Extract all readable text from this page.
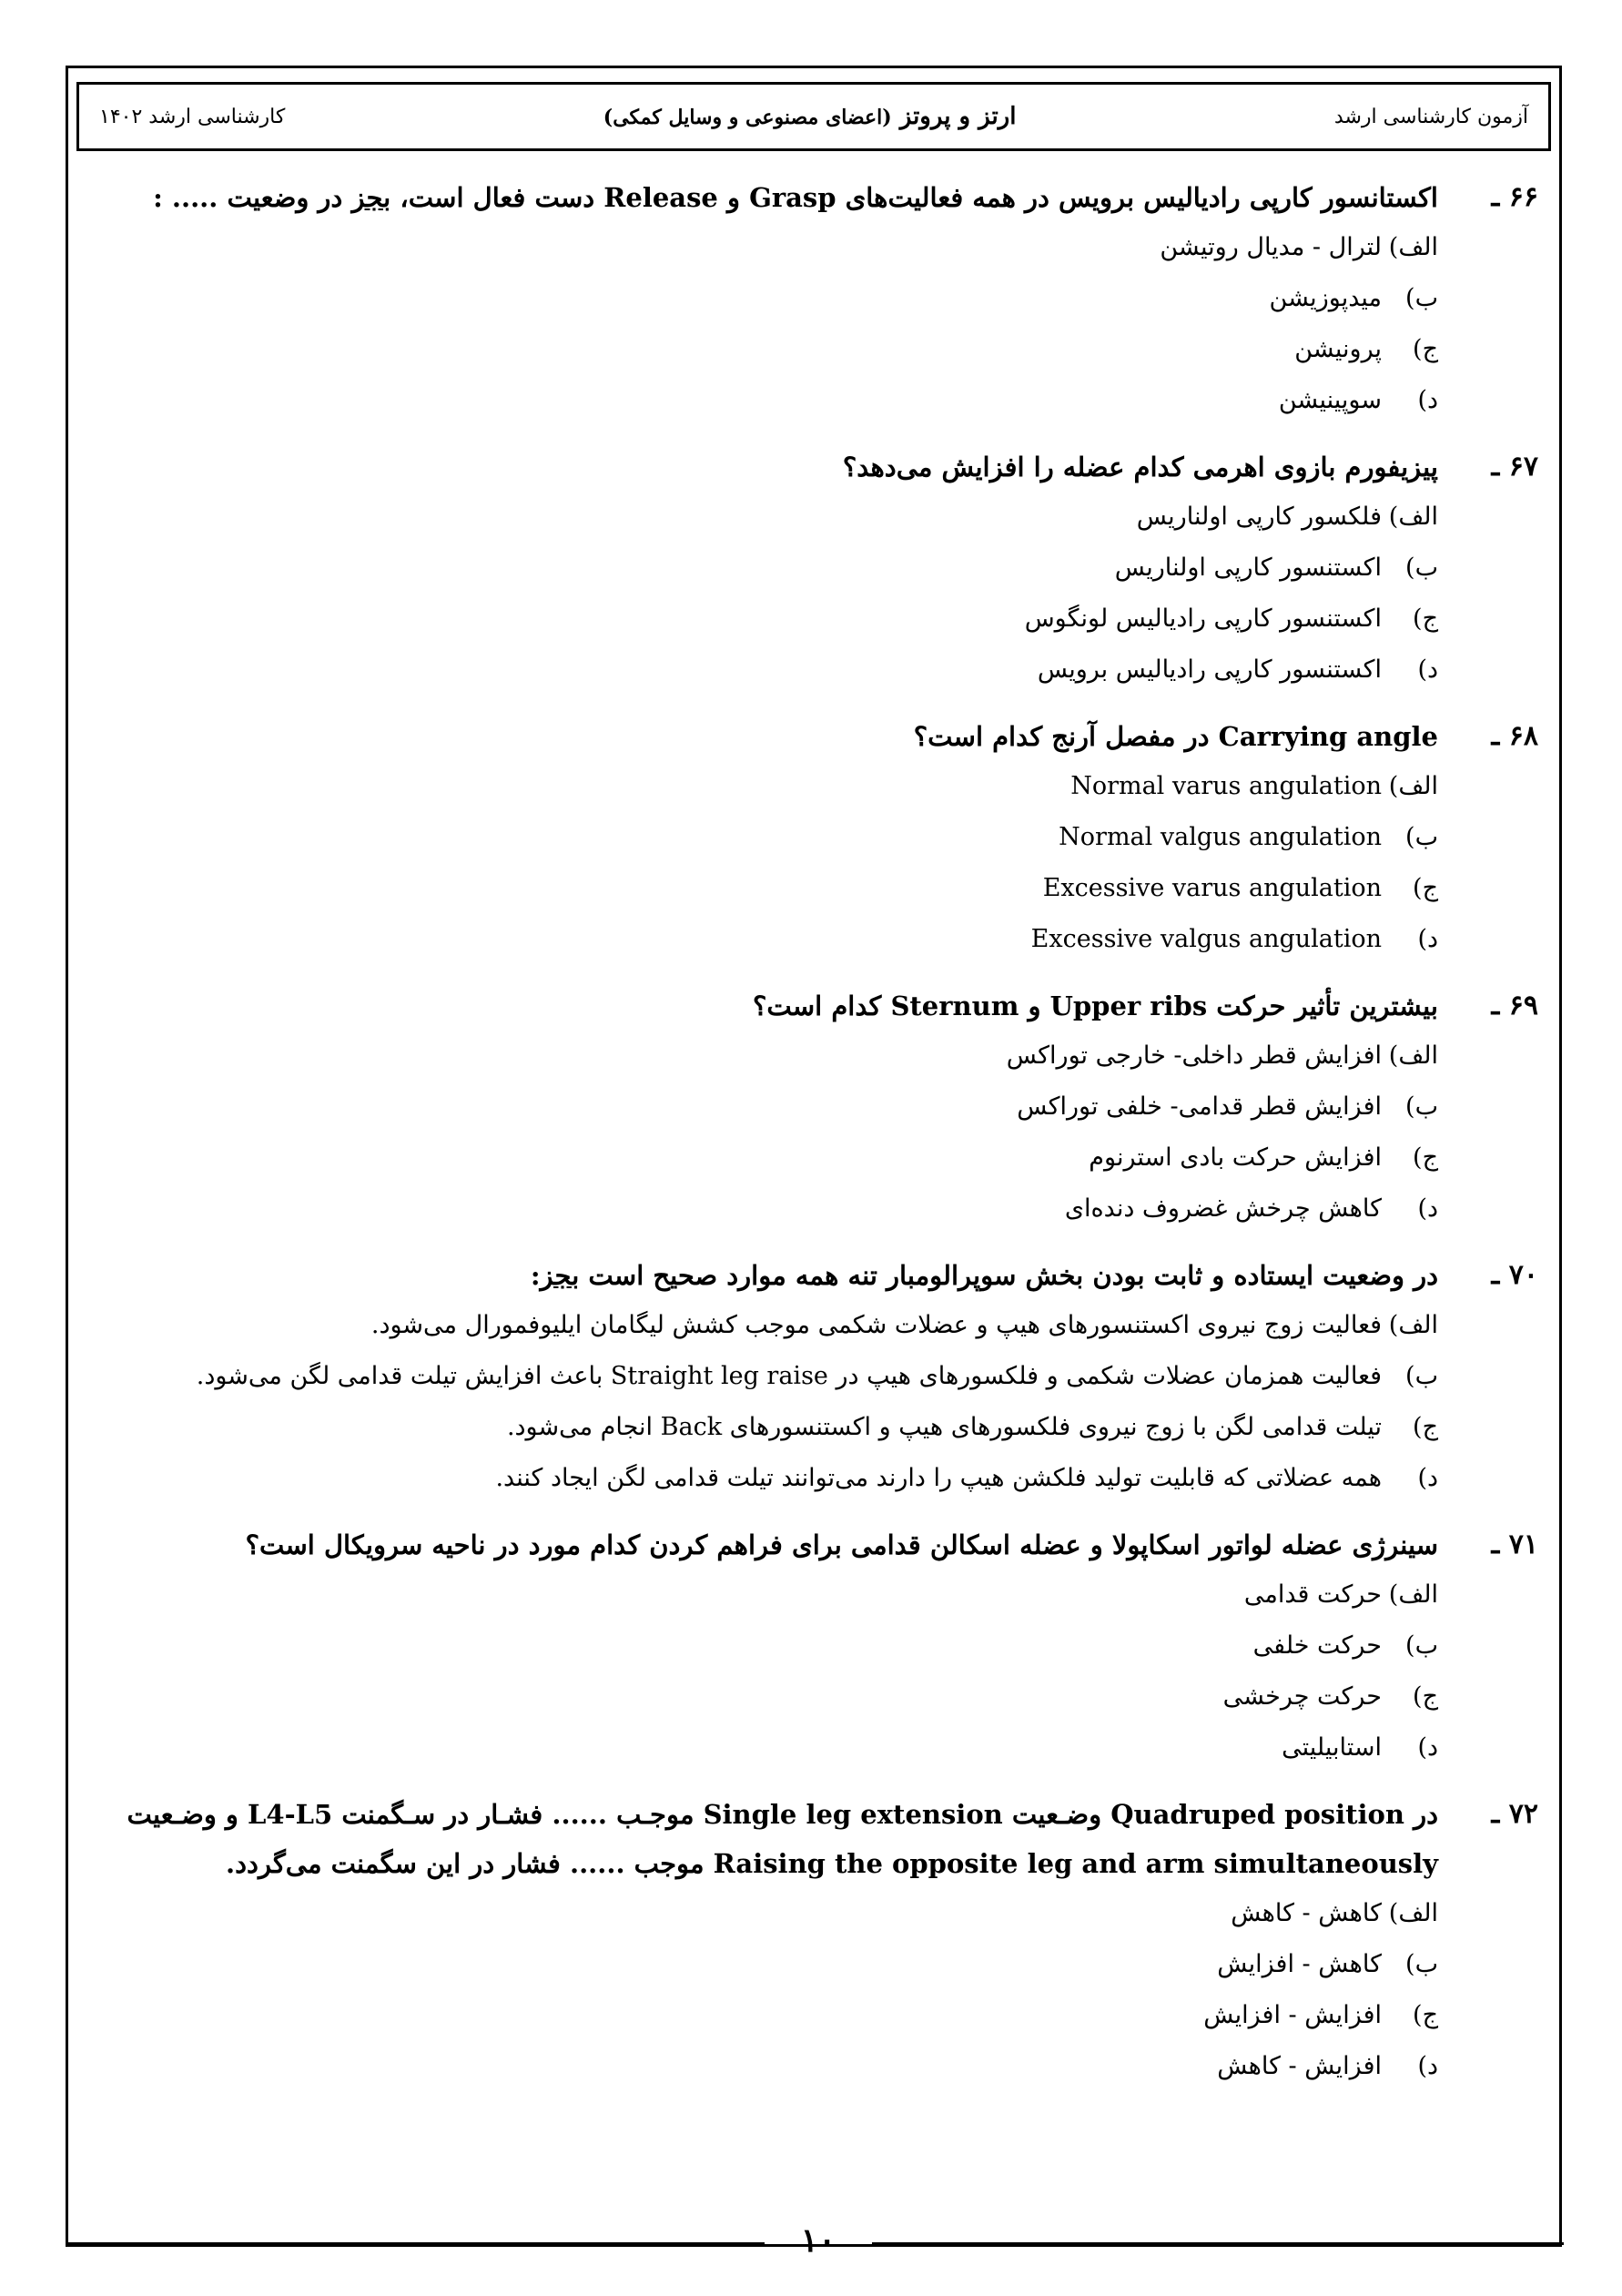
آزمون کارشناسی ارشد
ارتز و پروتز (اعضای مصنوعی و وسایل کمکی)
کارشناسی ارشد ۱۴۰۲
۶۶ ـ
اکستانسور کارپی رادیالیس برویس در همه فعالیت‌های Grasp و Release دست فعال است، بجز در وضعیت ..... :
الف)
لترال - مدیال روتیشن
ب)
میدپوزیشن
ج)
پرونیشن
د)
سوپینیشن
۶۷ ـ
پیزیفورم بازوی اهرمی کدام عضله را افزایش می‌دهد؟
الف)
فلکسور کارپی اولناریس
ب)
اکستنسور کارپی اولناریس
ج)
اکستنسور کارپی رادیالیس لونگوس
د)
اکستنسور کارپی رادیالیس برویس
۶۸ ـ
Carrying angle در مفصل آرنج کدام است؟
الف)
Normal varus angulation
ب)
Normal valgus angulation
ج)
Excessive varus angulation
د)
Excessive valgus angulation
۶۹ ـ
بیشترین تأثیر حرکت Upper ribs و Sternum کدام است؟
الف)
افزایش قطر داخلی- خارجی توراکس
ب)
افزایش قطر قدامی- خلفی توراکس
ج)
افزایش حرکت بادی استرنوم
د)
کاهش چرخش غضروف دنده‌ای
۷۰ ـ
در وضعیت ایستاده و ثابت بودن بخش سوپرالومبار تنه همه موارد صحیح است بجز:
الف)
فعالیت زوج نیروی اکستنسورهای هیپ و عضلات شکمی موجب کشش لیگامان ایلیوفمورال می‌شود.
ب)
فعالیت همزمان عضلات شکمی و فلکسورهای هیپ در Straight leg raise باعث افزایش تیلت قدامی لگن می‌شود.
ج)
تیلت قدامی لگن با زوج نیروی فلکسورهای هیپ و اکستنسورهای Back انجام می‌شود.
د)
همه عضلاتی که قابلیت تولید فلکشن هیپ را دارند می‌توانند تیلت قدامی لگن ایجاد کنند.
۷۱ ـ
سینرژی عضله لواتور اسکاپولا و عضله اسکالن قدامی برای فراهم کردن کدام مورد در ناحیه سرویکال است؟
الف)
حرکت قدامی
ب)
حرکت خلفی
ج)
حرکت چرخشی
د)
استابیلیتی
۷۲ ـ
در Quadruped position وضـعیت Single leg extension موجـب ...... فشـار در سـگمنت L4-L5 و وضـعیت Raising the opposite leg and arm simultaneously موجب ...... فشار در این سگمنت می‌گردد.
الف)
کاهش - کاهش
ب)
کاهش - افزایش
ج)
افزایش - افزایش
د)
افزایش - کاهش
۱۰
